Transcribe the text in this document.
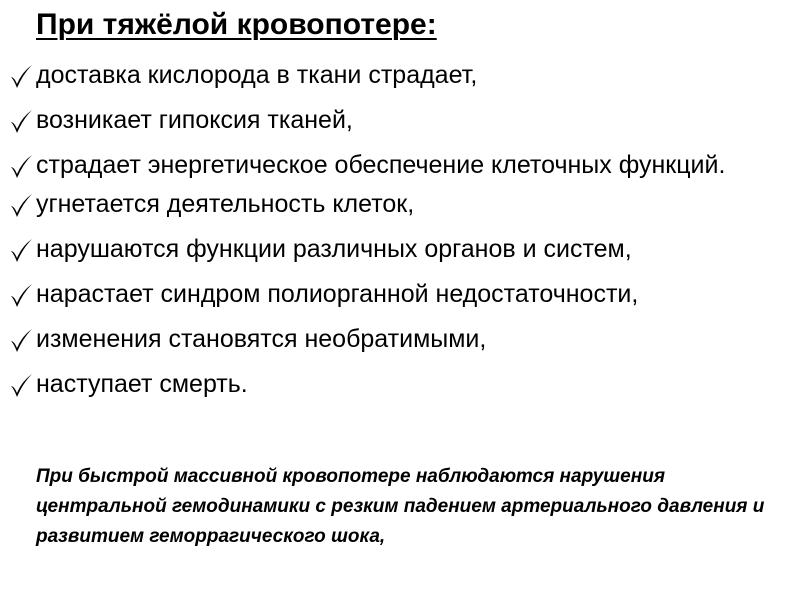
При тяжёлой кровопотере:
доставка кислорода в ткани страдает,
возникает гипоксия тканей,
страдает энергетическое обеспечение клеточных функций.
угнетается деятельность клеток,
нарушаются функции различных органов и систем,
нарастает синдром полиорганной недостаточности,
изменения становятся необратимыми,
наступает смерть.
При быстрой массивной кровопотере наблюдаются нарушения центральной гемодинамики с резким падением артериального давления и развитием геморрагического шока,
